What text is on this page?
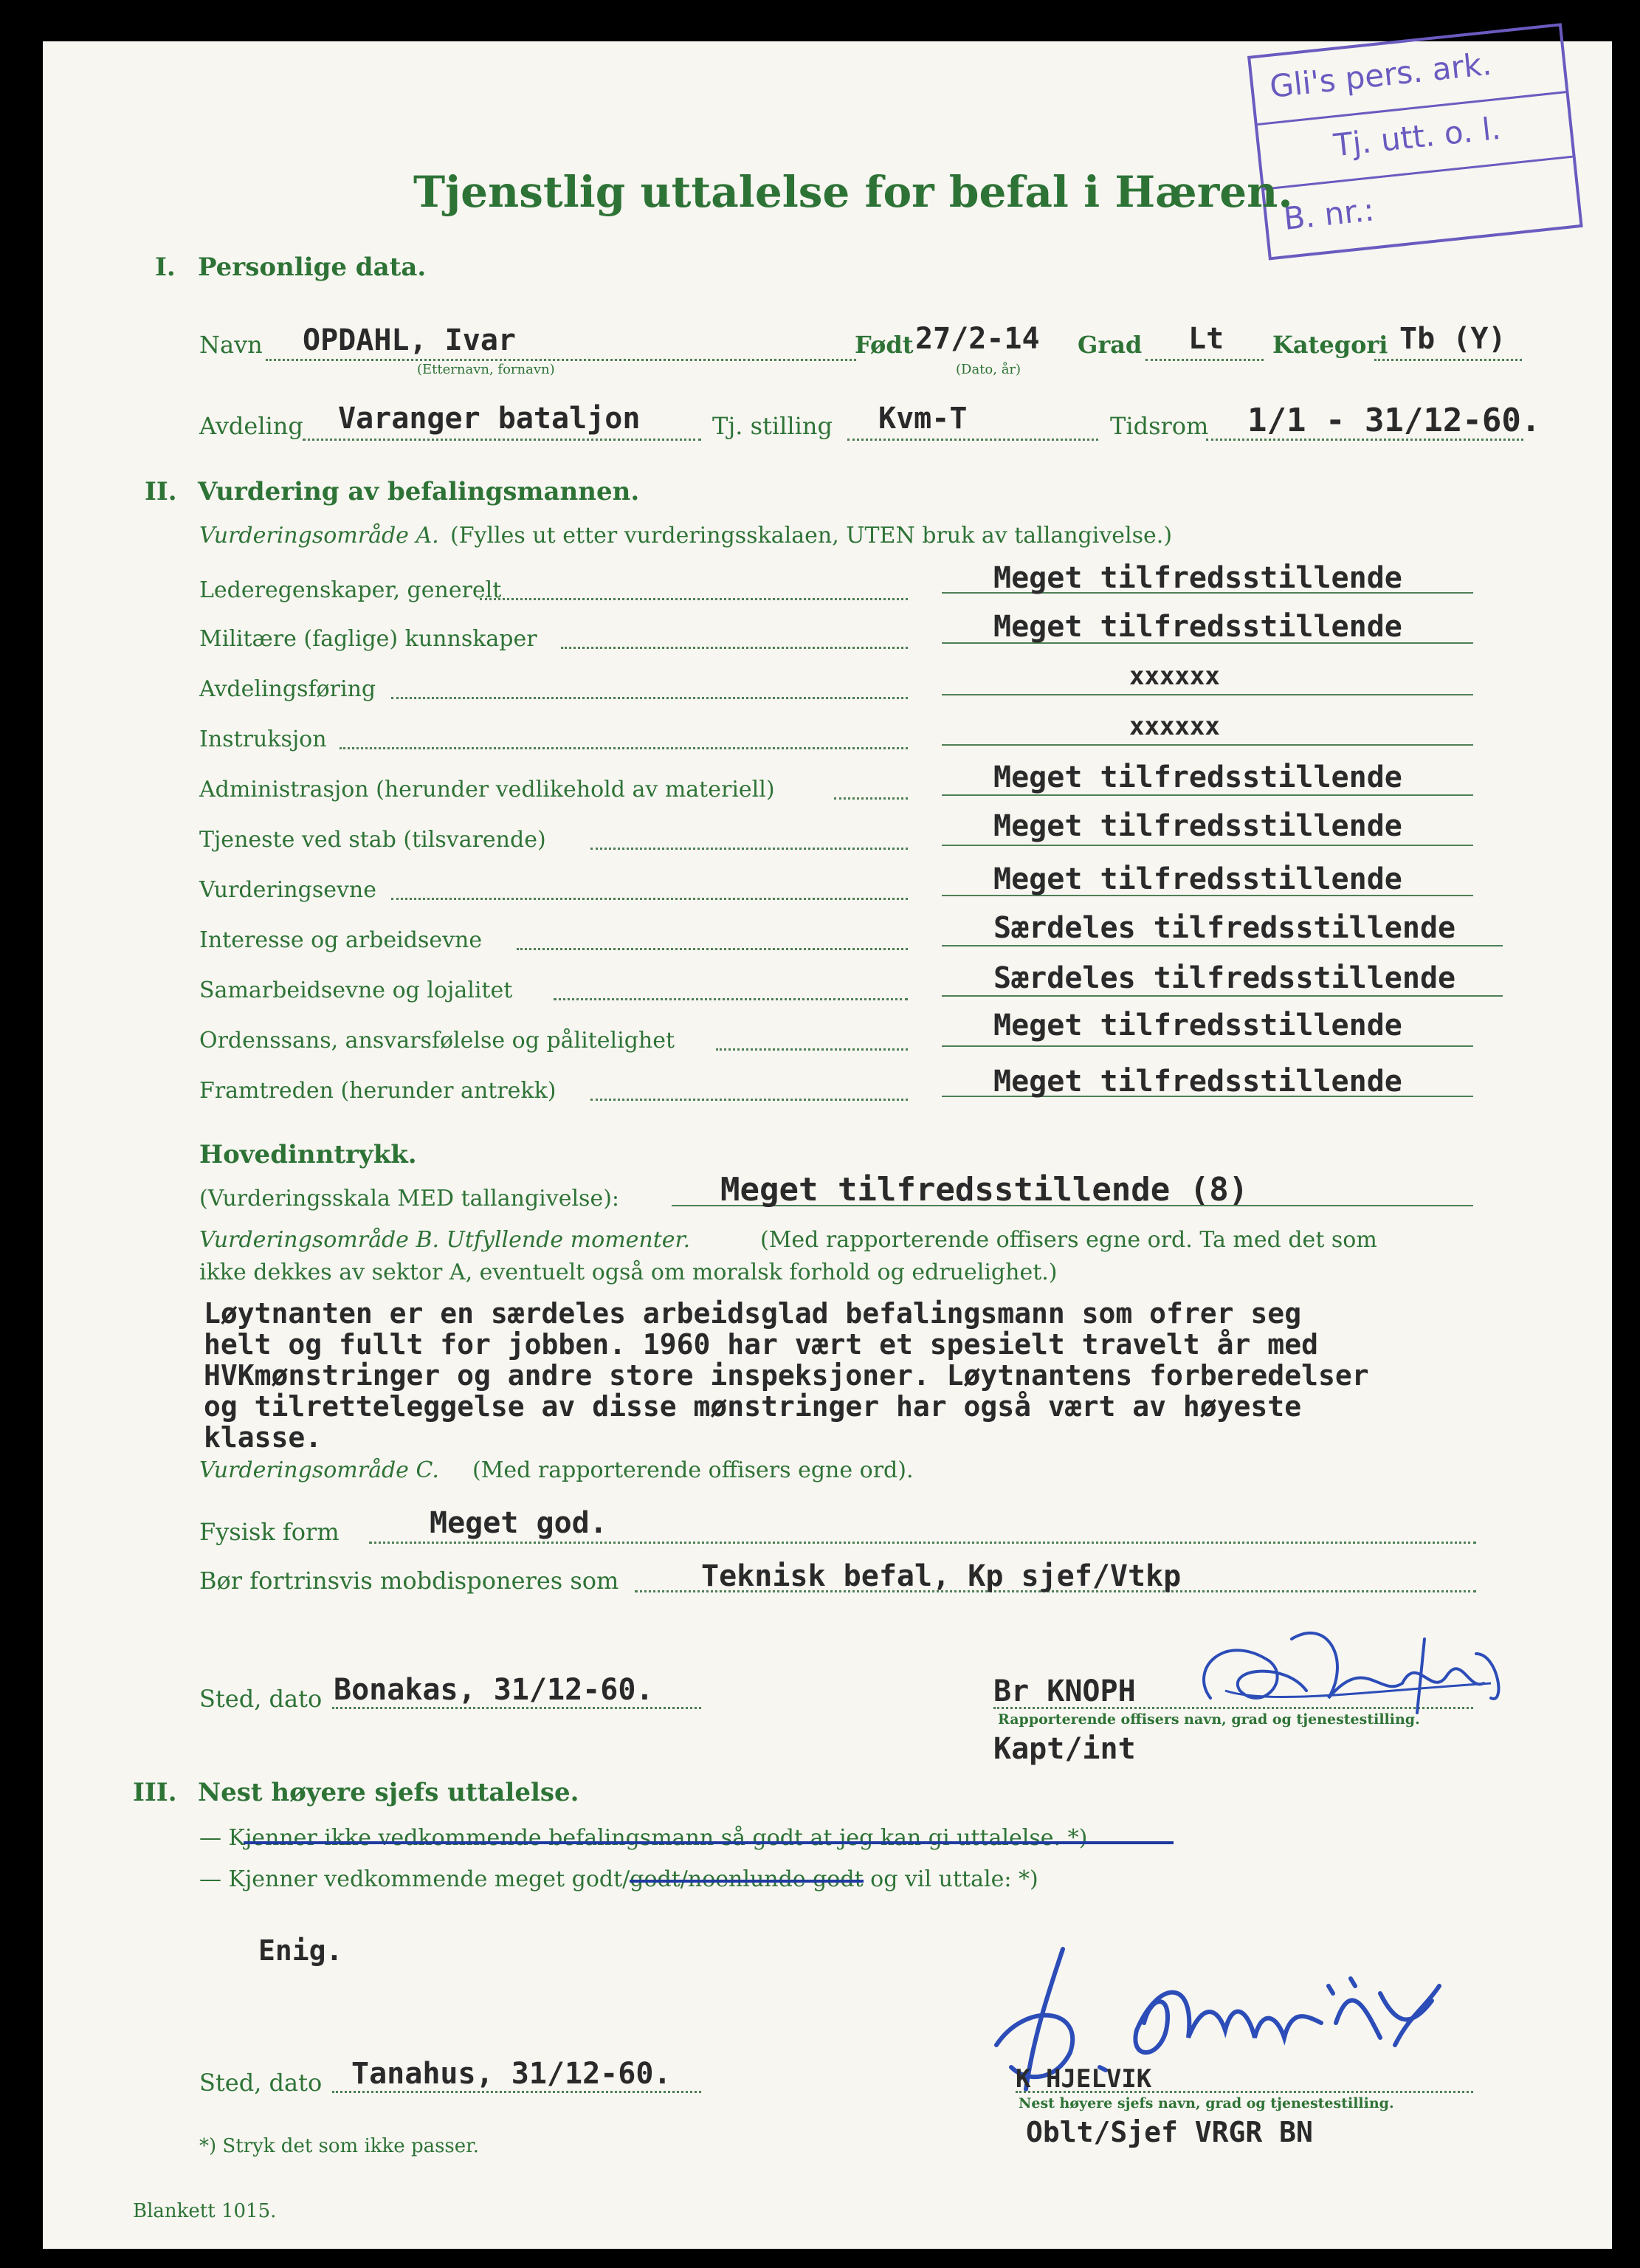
Gli's pers. ark.
Tj. utt. o. l.
B. nr.:
Tjenstlig uttalelse for befal i Hæren.
I. Personlige data.
Navn OPDAHL, Ivar
(Etternavn, fornavn)
Født 27/2-14
(Dato, år)
Grad Lt Kategori Tb (Y)
Avdeling Varanger bataljon	Tj. stilling Kvm-T	Tidsrom 1/1 - 31/12-60.
II. Vurdering av befalingsmannen.
Vurderingsområde A. (Fylles ut etter vurderingsskalaen, UTEN bruk av tallangivelse.)
Lederegenskaper, generelt	Meget tilfredsstillende
Militære (faglige) kunnskaper	Meget tilfredsstillende
Avdelingsføring	xxxxxx
Instruksjon	xxxxxx
Administrasjon (herunder vedlikehold av materiell)	Meget tilfredsstillende
Tjeneste ved stab (tilsvarende)	Meget tilfredsstillende
Vurderingsevne	Meget tilfredsstillende
Interesse og arbeidsevne	Særdeles tilfredsstillende
Samarbeidsevne og lojalitet	Særdeles tilfredsstillende
Ordenssans, ansvarsfølelse og pålitelighet	Meget tilfredsstillende
Framtreden (herunder antrekk)	Meget tilfredsstillende
Hovedinntrykk.
(Vurderingsskala MED tallangivelse):	Meget tilfredsstillende (8)
Vurderingsområde B. Utfyllende momenter.	(Med rapporterende offisers egne ord. Ta med det som
ikke dekkes av sektor A, eventuelt også om moralsk forhold og edruelighet.)
Løytnanten er en særdeles arbeidsglad befalingsmann som ofrer seg
helt og fullt for jobben. 1960 har vært et spesielt travelt år med
HVKmønstringer og andre store inspeksjoner. Løytnantens forberedelser
og tilretteleggelse av disse mønstringer har også vært av høyeste
klasse.
Vurderingsområde C. (Med rapporterende offisers egne ord).
Fysisk form	Meget god.
Bør fortrinsvis mobdisponeres som	Teknisk befal, Kp sjef/Vtkp
Sted, dato Bonakas, 31/12-60.	Br KNOPH
Rapporterende offisers navn, grad og tjenestestilling.
Kapt/int
III. Nest høyere sjefs uttalelse.
— Kjenner ikke vedkommende befalingsmann så godt at jeg kan gi uttalelse. *)
— Kjenner vedkommende meget godt/godt/noenlunde godt
og vil uttale: *)
Enig.
Sted, dato Tanahus, 31/12-60.	K HJELVIK
Nest høyere sjefs navn, grad og tjenestestilling.
Oblt/Sjef VRGR BN
*) Stryk det som ikke passer.
Blankett 1015.
